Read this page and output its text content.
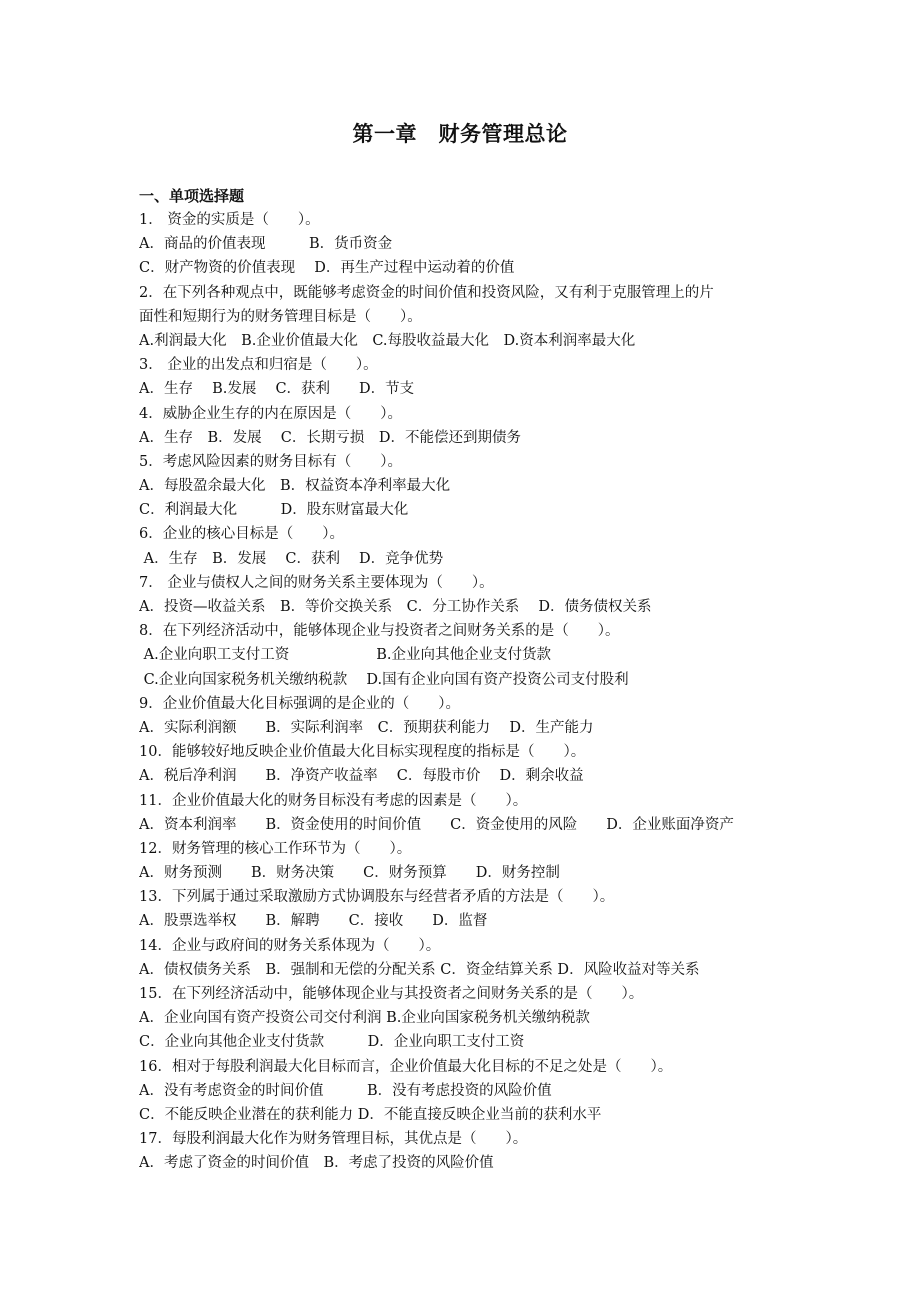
第一章　财务管理总论
一、单项选择题
1． 资金的实质是（　　）。
A．商品的价值表现　　　B．货币资金
C．财产物资的价值表现　 D．再生产过程中运动着的价值
2．在下列各种观点中，既能够考虑资金的时间价值和投资风险，又有利于克服管理上的片
面性和短期行为的财务管理目标是（　　）。
A.利润最大化　B.企业价值最大化　C.每股收益最大化　D.资本利润率最大化
3． 企业的出发点和归宿是（　　）。
A．生存　 B.发展　 C．获利　　D．节支
4．威胁企业生存的内在原因是（　　）。
A．生存　B．发展　 C．长期亏损　D．不能偿还到期债务
5．考虑风险因素的财务目标有（　　）。
A．每股盈余最大化　B．权益资本净利率最大化
C．利润最大化　　　D．股东财富最大化
6．企业的核心目标是（　　）。
A．生存　B．发展　 C．获利　 D．竞争优势
7． 企业与债权人之间的财务关系主要体现为（　　）。
A．投资—收益关系　B．等价交换关系　C．分工协作关系　 D．债务债权关系
8．在下列经济活动中，能够体现企业与投资者之间财务关系的是（　　）。
A.企业向职工支付工资　　　　　　B.企业向其他企业支付货款
C.企业向国家税务机关缴纳税款　 D.国有企业向国有资产投资公司支付股利
9．企业价值最大化目标强调的是企业的（　　）。
A．实际利润额　　B．实际利润率　C．预期获利能力　 D．生产能力
10．能够较好地反映企业价值最大化目标实现程度的指标是（　　）。
A．税后净利润　　B．净资产收益率　 C．每股市价　 D．剩余收益
11．企业价值最大化的财务目标没有考虑的因素是（　　）。
A．资本利润率　　B．资金使用的时间价值　　C．资金使用的风险　　D．企业账面净资产
12．财务管理的核心工作环节为（　　）。
A．财务预测　　B．财务决策　　C．财务预算　　D．财务控制
13．下列属于通过采取激励方式协调股东与经营者矛盾的方法是（　　）。
A．股票选举权　　B．解聘　　C．接收　　D．监督
14．企业与政府间的财务关系体现为（　　）。
A．债权债务关系　B．强制和无偿的分配关系 C．资金结算关系 D．风险收益对等关系
15．在下列经济活动中，能够体现企业与其投资者之间财务关系的是（　　）。
A．企业向国有资产投资公司交付利润 B.企业向国家税务机关缴纳税款
C．企业向其他企业支付货款　　　D．企业向职工支付工资
16．相对于每股利润最大化目标而言，企业价值最大化目标的不足之处是（　　）。
A．没有考虑资金的时间价值　　　B．没有考虑投资的风险价值
C．不能反映企业潜在的获利能力 D．不能直接反映企业当前的获利水平
17．每股利润最大化作为财务管理目标，其优点是（　　）。
A．考虑了资金的时间价值　B．考虑了投资的风险价值
